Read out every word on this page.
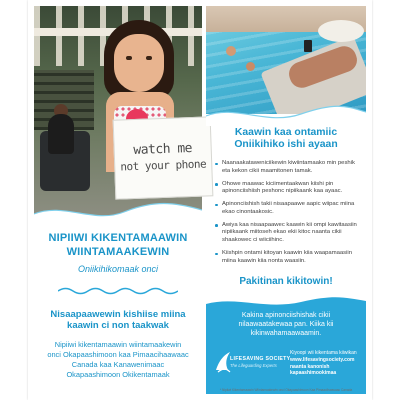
watch me
not your phone
NIPIIWI KIKENTAMAAWIN
WIINTAMAAKEWIN
Oniikihikomaak onci
Nisaapaawewin kishiise miina
kaawin ci non taakwak
Nipiiwi kikentamaawin wiintamaakewin
onci Okapaashimoon kaa Pimaacihaawaac
Canada kaa Kanawenimaac
Okapaashimoon Okikentamaak
Kaawin kaa ontamiic
Oniikihiko ishi ayaan
Naanaakataweniciikewin kiwiintamaako min peshik eta kekon cikii maamitonen tamak.
Ohowe maawac kiciimentaakwan kiishi pin apinonciishiish peshonc nipiikaank kaa ayaac.
Apinonciishish takii nisaapaawe aapic wiipac miina ekao cinontaakosic.
Awiya kaa nisaapaawec kaawin kii ompi kawitaasiin nipiikaank miitoseh ekao ekii kitoc naanta cikii shaakowec ci wiiciihinc.
Kiishpin ontami kitoyan kaawin kiia waapamaasiin miina kaawin kiia nonta waasiin.
Pakitinan kikitowin!
Kakina apinonciishishak cikii
nilaawaatakewaa pan. Kiika kii
kikinwahamaawaamin.
LIFESAVING SOCIETY
The Lifeguarding Experts
Kiyoopi wii kikentama kiiwikan
www.lifesavingsociety.com
naanta kanonish
kapaashimookimaa
* Nipiiwi Kikentamaawin Wiintamaakewin onci Okapaashimoon Kaa Pimaacihaawaac Canada
